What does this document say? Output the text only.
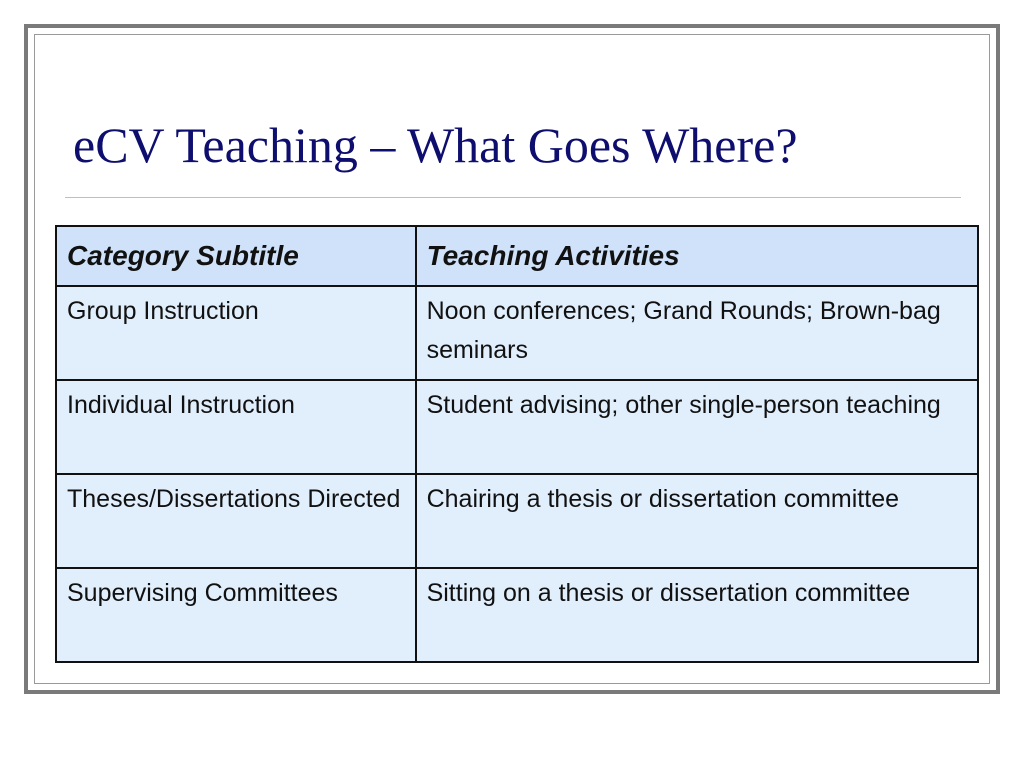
eCV Teaching – What Goes Where?
Category Subtitle	Teaching Activities
Group Instruction	Noon conferences; Grand Rounds; Brown-bag seminars
Individual Instruction	Student advising; other single-person teaching
Theses/Dissertations Directed	Chairing a thesis or dissertation committee
Supervising Committees	Sitting on a thesis or dissertation committee
